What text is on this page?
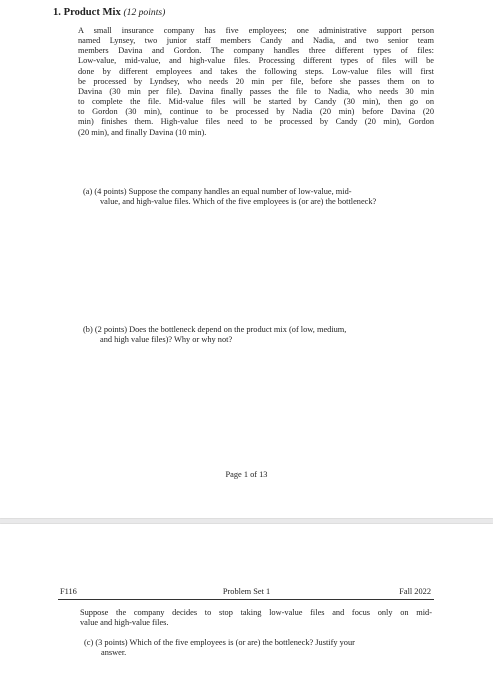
1. Product Mix (12 points)
A small insurance company has five employees; one administrative support person
named Lynsey, two junior staff members Candy and Nadia, and two senior team
members Davina and Gordon. The company handles three different types of files:
Low-value, mid-value, and high-value files. Processing different types of files will be
done by different employees and takes the following steps. Low-value files will first
be processed by Lyndsey, who needs 20 min per file, before she passes them on to
Davina (30 min per file). Davina finally passes the file to Nadia, who needs 30 min
to complete the file. Mid-value files will be started by Candy (30 min), then go on
to Gordon (30 min), continue to be processed by Nadia (20 min) before Davina (20
min) finishes them. High-value files need to be processed by Candy (20 min), Gordon
(20 min), and finally Davina (10 min).
(a) (4 points) Suppose the company handles an equal number of low-value, mid-
value, and high-value files. Which of the five employees is (or are) the bottleneck?
(b) (2 points) Does the bottleneck depend on the product mix (of low, medium,
and high value files)? Why or why not?
Page 1 of 13
F116	Problem Set 1	Fall 2022
Suppose the company decides to stop taking low-value files and focus only on mid-
value and high-value files.
(c) (3 points) Which of the five employees is (or are) the bottleneck? Justify your
answer.
